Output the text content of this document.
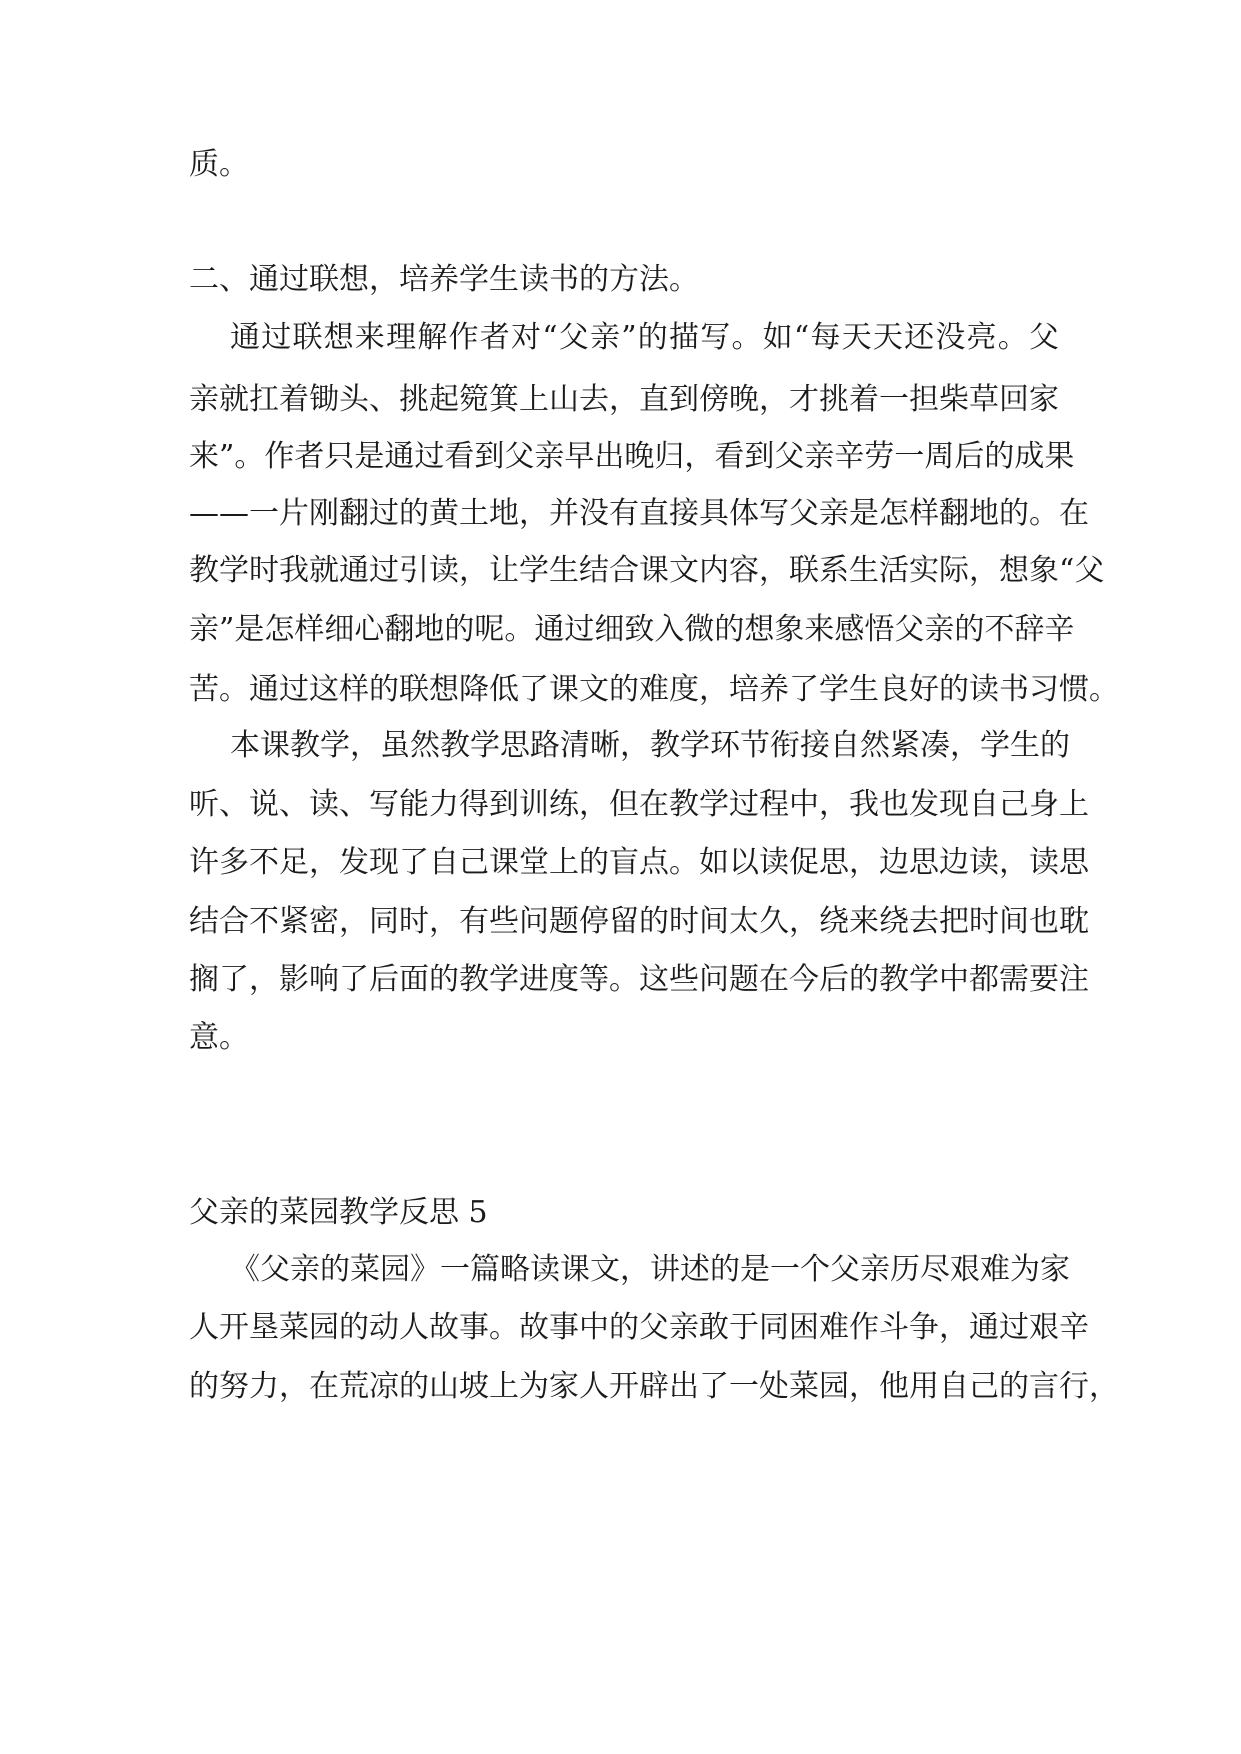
质。
二、通过联想，培养学生读书的方法。
通过联想来理解作者对“父亲”的描写。如“每天天还没亮。父
亲就扛着锄头、挑起箢箕上山去，直到傍晚，才挑着一担柴草回家
来”。作者只是通过看到父亲早出晚归，看到父亲辛劳一周后的成果
——一片刚翻过的黄土地，并没有直接具体写父亲是怎样翻地的。在
教学时我就通过引读，让学生结合课文内容，联系生活实际，想象“父
亲”是怎样细心翻地的呢。通过细致入微的想象来感悟父亲的不辞辛
苦。通过这样的联想降低了课文的难度，培养了学生良好的读书习惯。
本课教学，虽然教学思路清晰，教学环节衔接自然紧凑，学生的
听、说、读、写能力得到训练，但在教学过程中，我也发现自己身上
许多不足，发现了自己课堂上的盲点。如以读促思，边思边读，读思
结合不紧密，同时，有些问题停留的时间太久，绕来绕去把时间也耽
搁了，影响了后面的教学进度等。这些问题在今后的教学中都需要注
意。
父亲的菜园教学反思 5
《父亲的菜园》一篇略读课文，讲述的是一个父亲历尽艰难为家
人开垦菜园的动人故事。故事中的父亲敢于同困难作斗争，通过艰辛
的努力，在荒凉的山坡上为家人开辟出了一处菜园，他用自己的言行，
